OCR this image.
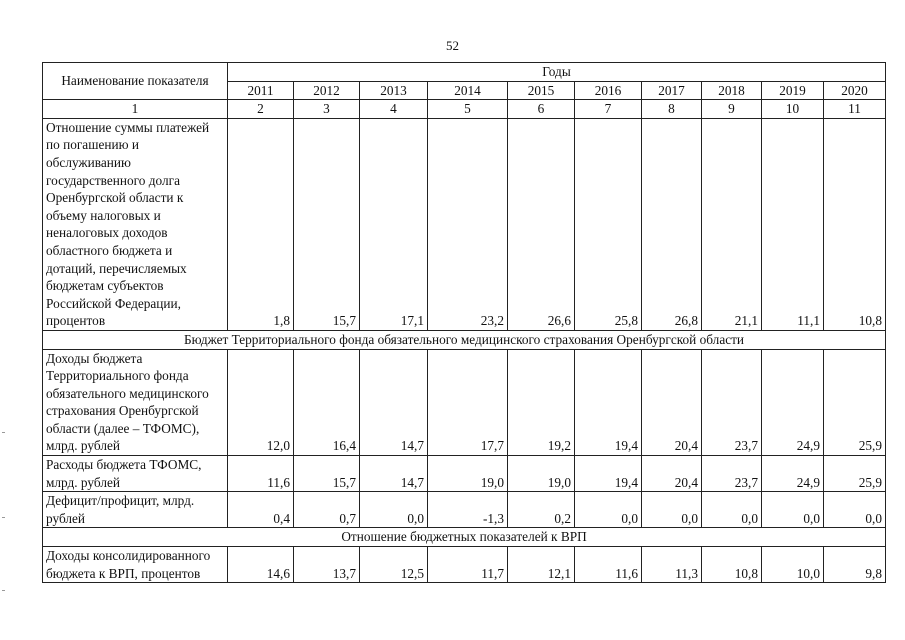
52
Наименование показателя	Годы									
	2011	2012	2013	2014	2015	2016	2017	2018	2019	2020
1	2	3	4	5	6	7	8	9	10	11
Отношение суммы платежей по погашению и обслуживанию государственного долга Оренбургской области к объему налоговых и неналоговых доходов областного бюджета и дотаций, перечисляемых бюджетам субъектов Российской Федерации, процентов	1,8	15,7	17,1	23,2	26,6	25,8	26,8	21,1	11,1	10,8
Бюджет Территориального фонда обязательного медицинского страхования Оренбургской области										
Доходы бюджета Территориального фонда обязательного медицинского страхования Оренбургской области (далее – ТФОМС), млрд. рублей	12,0	16,4	14,7	17,7	19,2	19,4	20,4	23,7	24,9	25,9
Расходы бюджета ТФОМС, млрд. рублей	11,6	15,7	14,7	19,0	19,0	19,4	20,4	23,7	24,9	25,9
Дефицит/профицит, млрд. рублей	0,4	0,7	0,0	-1,3	0,2	0,0	0,0	0,0	0,0	0,0
Отношение бюджетных показателей к ВРП										
Доходы консолидированного бюджета к ВРП, процентов	14,6	13,7	12,5	11,7	12,1	11,6	11,3	10,8	10,0	9,8
